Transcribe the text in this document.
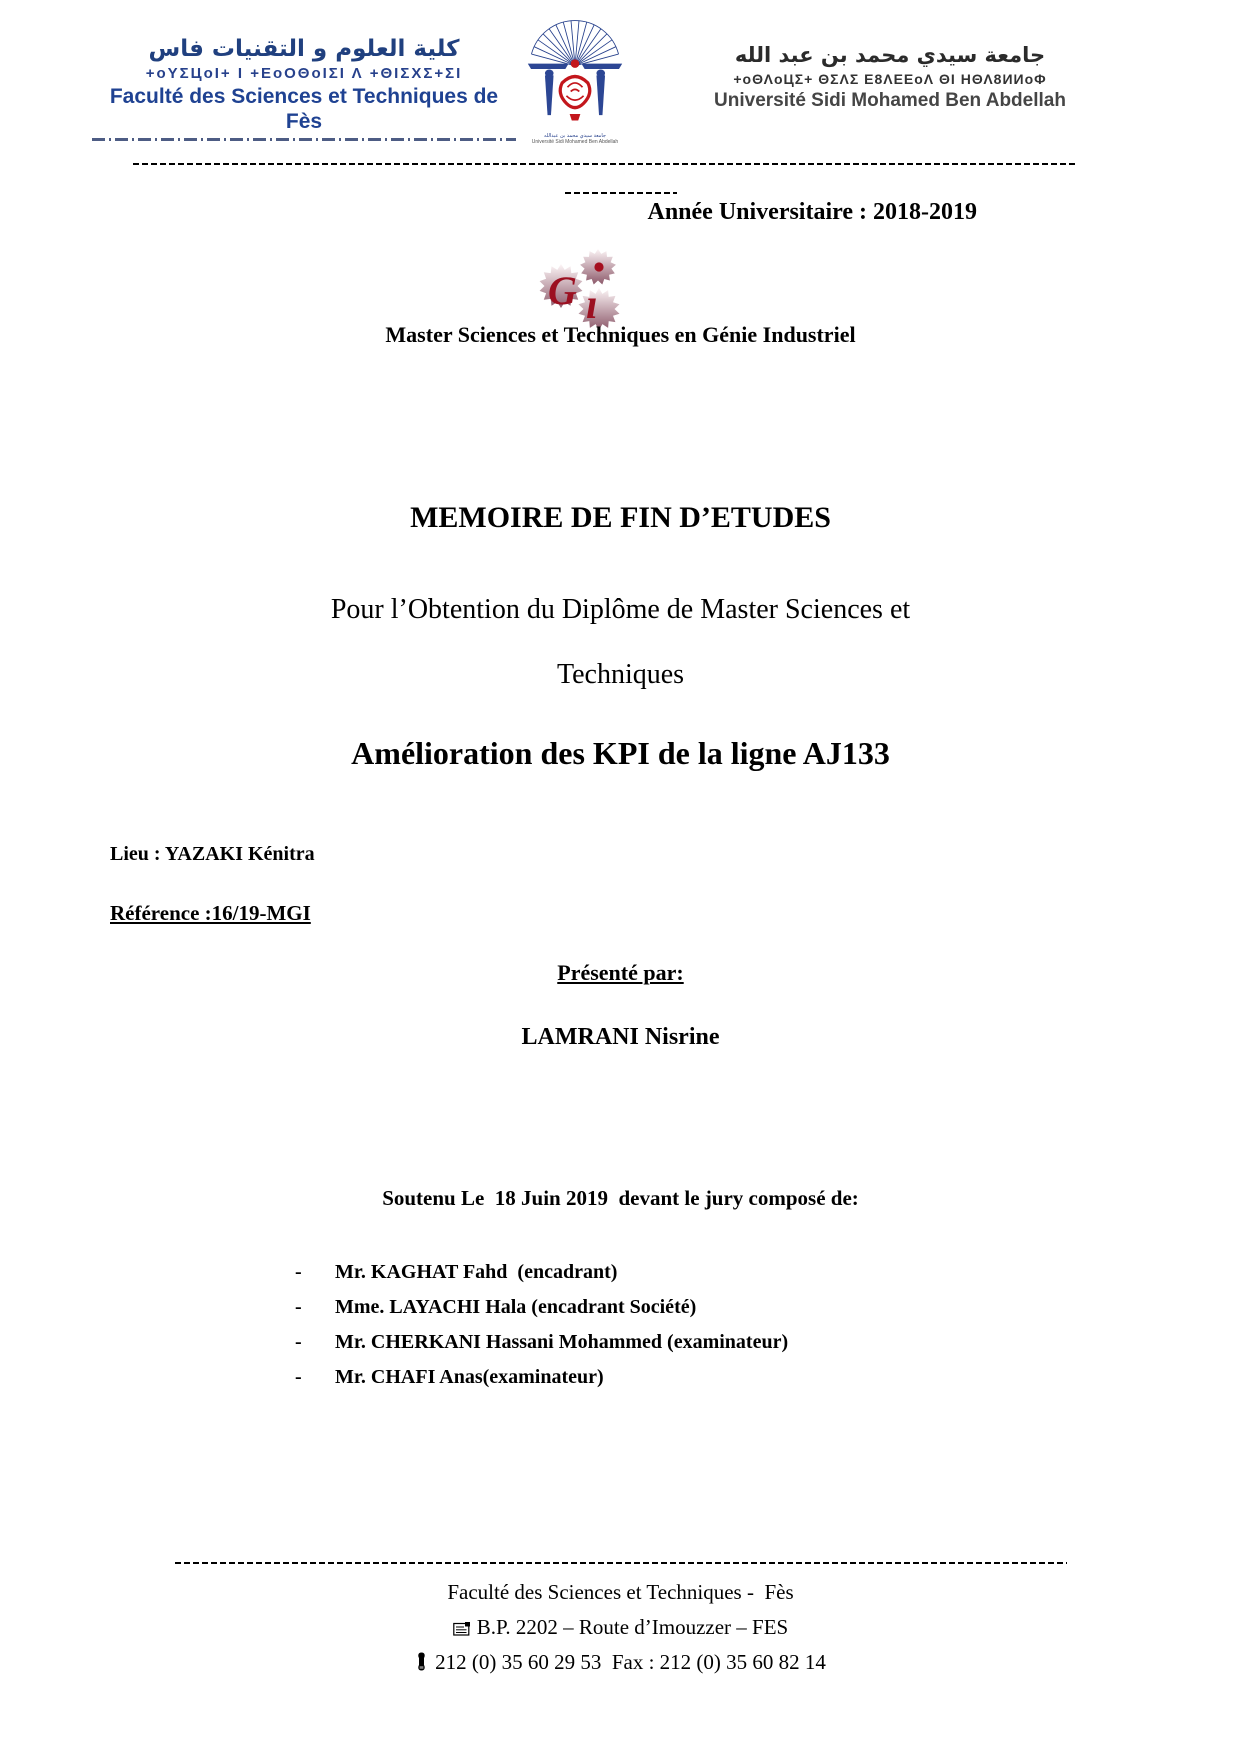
كلية العلوم و التقنيات فاس
+oYΣЦoI+ I +ΕoΟΘoΙΣΙ Λ +ΘΙΣΧΣ+ΣΙ
Faculté des Sciences et Techniques de Fès
جامعة سيدي محمد بن عبدالله
Université Sidi Mohamed Ben Abdellah
جامعة سيدي محمد بن عبد الله
+oΘΛoЦΣ+ ΘΣΛΣ Ε8ΛΕΕoΛ ΘΙ ΗΘΛ8ИИoΦ
Université Sidi Mohamed Ben Abdellah
Année Universitaire : 2018-2019
G ı
Master Sciences et Techniques en Génie Industriel
MEMOIRE DE FIN D’ETUDES
Pour l’Obtention du Diplôme de Master Sciences et
Techniques
Amélioration des KPI de la ligne AJ133
Lieu : YAZAKI Kénitra
Référence :16/19-MGI
Présenté par:
LAMRANI Nisrine
Soutenu Le  18 Juin 2019  devant le jury composé de:
-	Mr. KAGHAT Fahd  (encadrant)
-	Mme. LAYACHI Hala (encadrant Société)
-	Mr. CHERKANI Hassani Mohammed (examinateur)
-	Mr. CHAFI Anas(examinateur)
Faculté des Sciences et Techniques -  Fès
B.P. 2202 – Route d’Imouzzer – FES
212 (0) 35 60 29 53  Fax : 212 (0) 35 60 82 14
